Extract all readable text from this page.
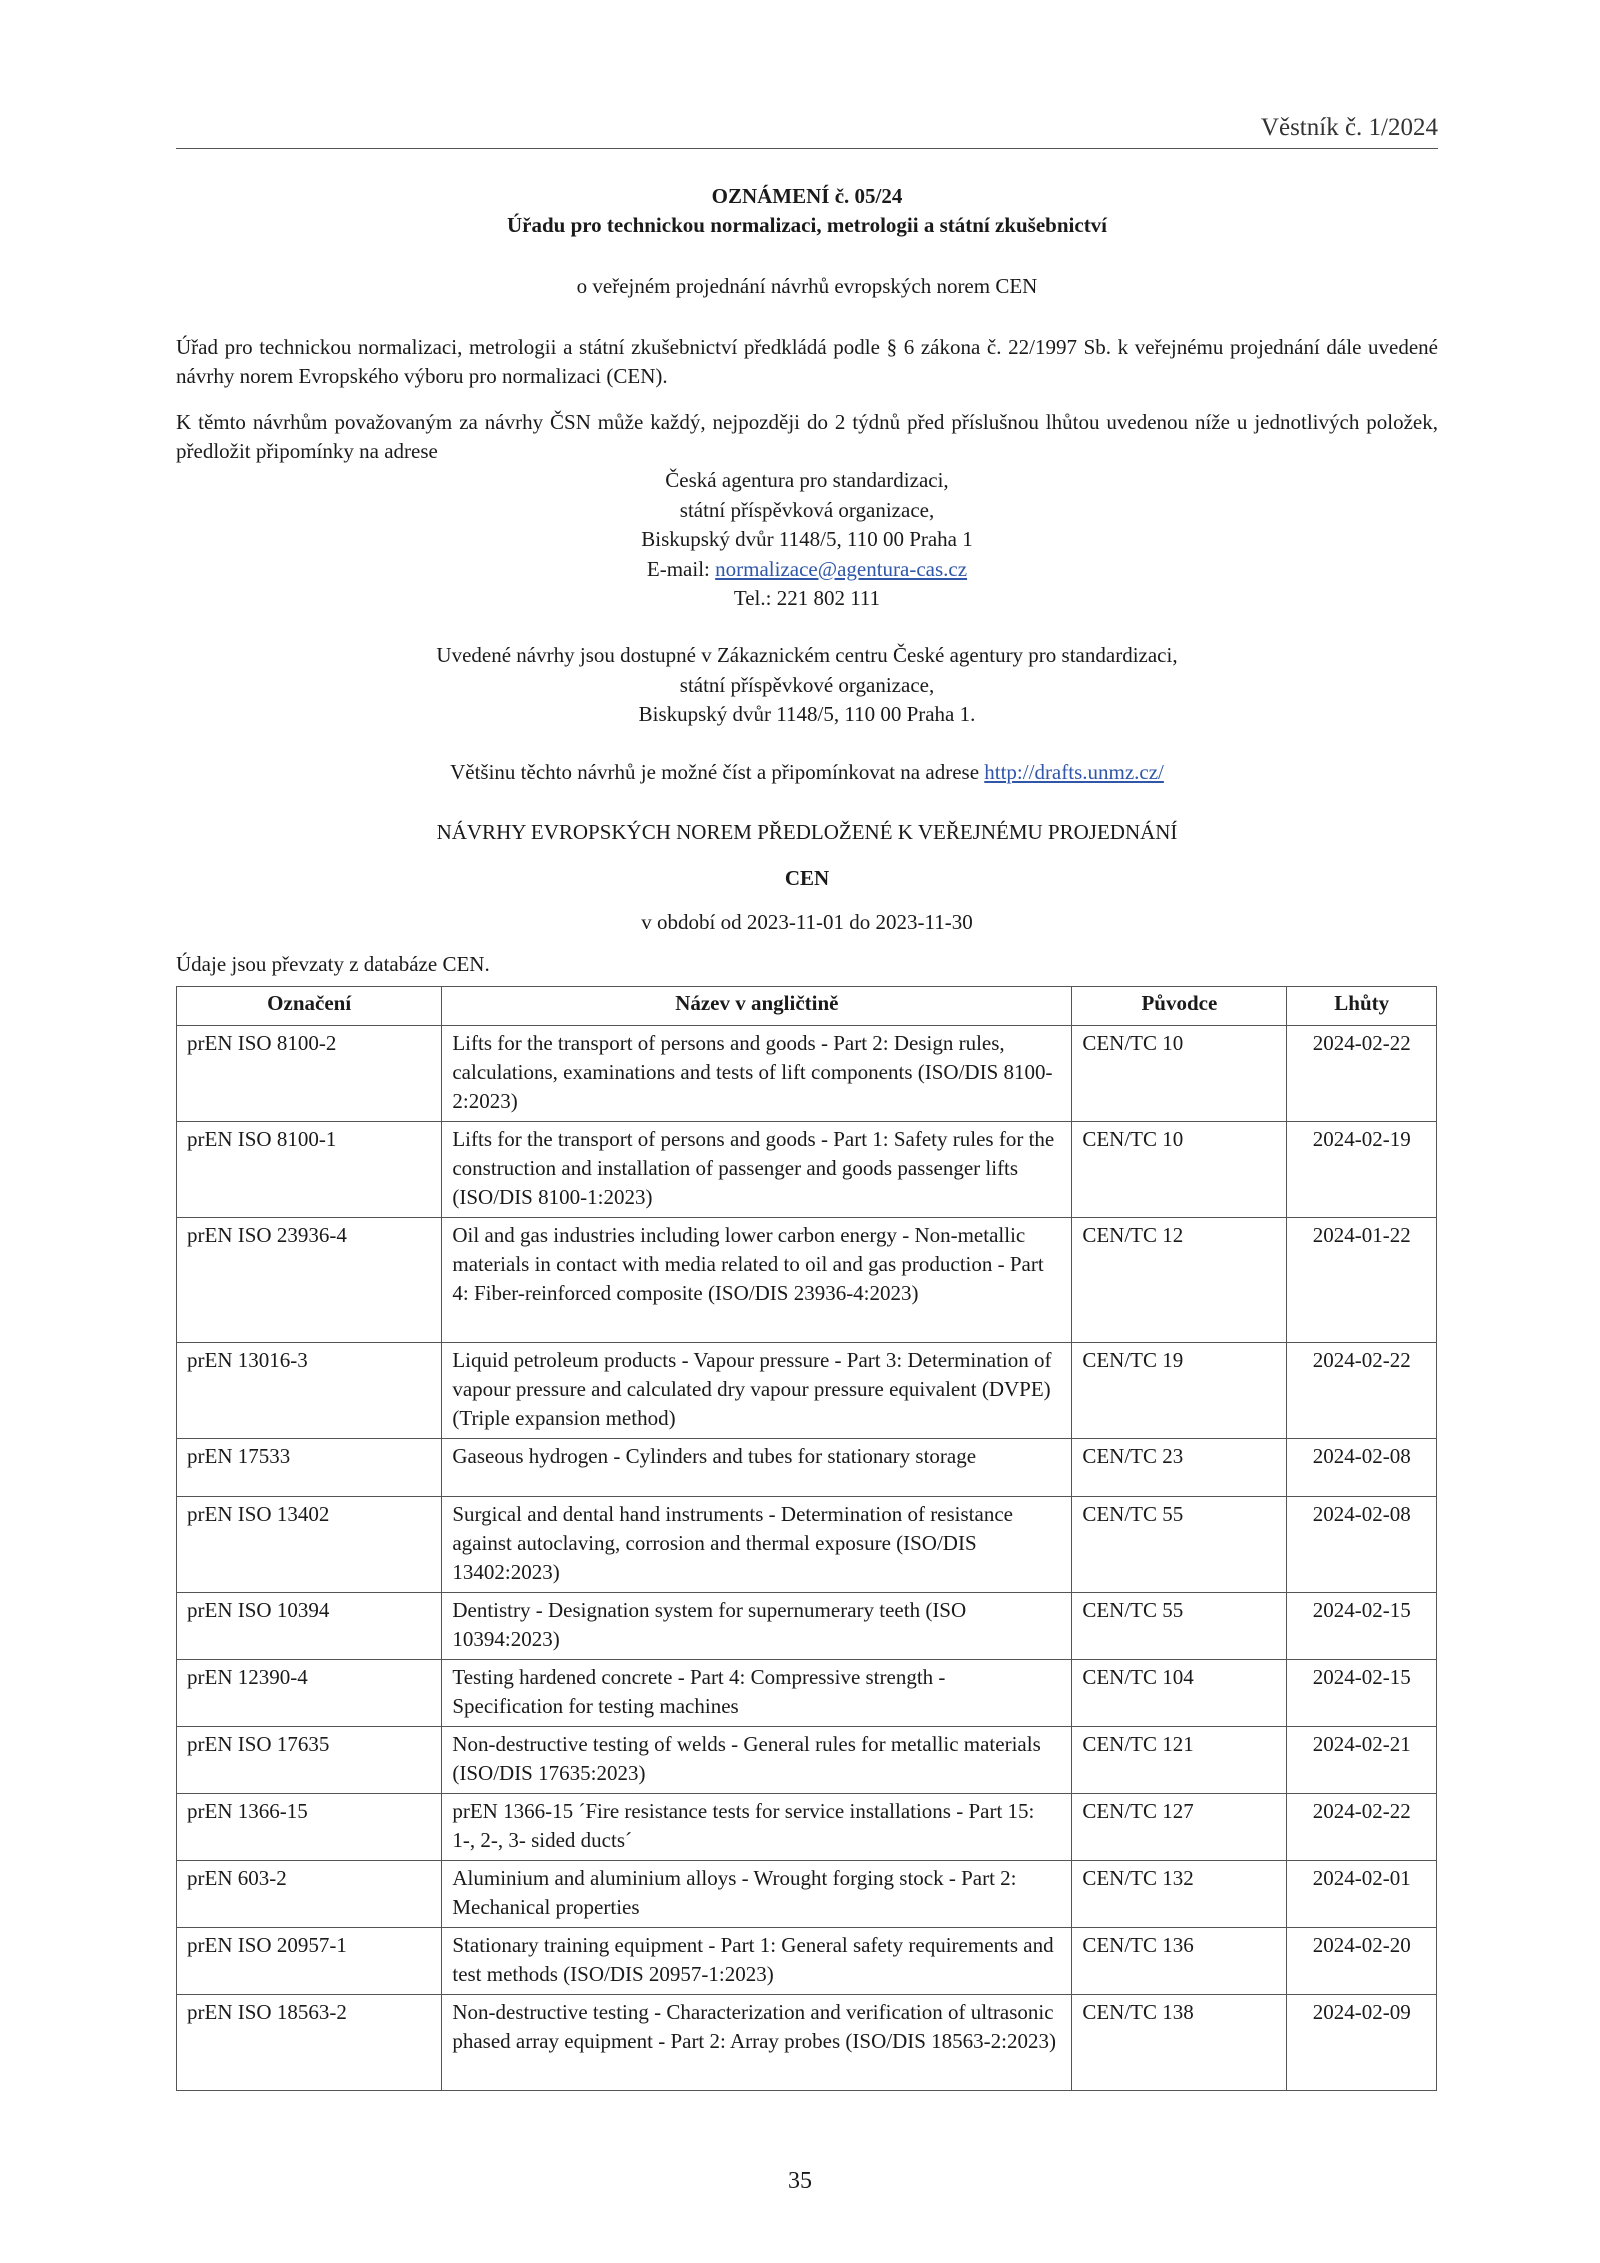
Věstník č. 1/2024
OZNÁMENÍ č. 05/24
Úřadu pro technickou normalizaci, metrologii a státní zkušebnictví
o veřejném projednání návrhů evropských norem CEN
Úřad pro technickou normalizaci, metrologii a státní zkušebnictví předkládá podle § 6 zákona č. 22/1997 Sb. k veřejnému projednání dále uvedené návrhy norem Evropského výboru pro normalizaci (CEN).
K těmto návrhům považovaným za návrhy ČSN může každý, nejpozději do 2 týdnů před příslušnou lhůtou uvedenou níže u jednotlivých položek, předložit připomínky na adrese
Česká agentura pro standardizaci,
státní příspěvková organizace,
Biskupský dvůr 1148/5, 110 00 Praha 1
E-mail: normalizace@agentura-cas.cz
Tel.: 221 802 111
Uvedené návrhy jsou dostupné v Zákaznickém centru České agentury pro standardizaci,
státní příspěvkové organizace,
Biskupský dvůr 1148/5, 110 00 Praha 1.
Většinu těchto návrhů je možné číst a připomínkovat na adrese http://drafts.unmz.cz/
NÁVRHY EVROPSKÝCH NOREM PŘEDLOŽENÉ K VEŘEJNÉMU PROJEDNÁNÍ
CEN
v období od 2023-11-01 do 2023-11-30
Údaje jsou převzaty z databáze CEN.
Označení	Název v angličtině	Původce	Lhůty
prEN ISO 8100-2	Lifts for the transport of persons and goods - Part 2: Design rules, calculations, examinations and tests of lift components (ISO/DIS 8100-2:2023)	CEN/TC 10	2024-02-22
prEN ISO 8100-1	Lifts for the transport of persons and goods - Part 1: Safety rules for the construction and installation of passenger and goods passenger lifts (ISO/DIS 8100-1:2023)	CEN/TC 10	2024-02-19
prEN ISO 23936-4	Oil and gas industries including lower carbon energy - Non-metallic materials in contact with media related to oil and gas production - Part 4: Fiber-reinforced composite (ISO/DIS 23936-4:2023)	CEN/TC 12	2024-01-22
prEN 13016-3	Liquid petroleum products - Vapour pressure - Part 3: Determination of vapour pressure and calculated dry vapour pressure equivalent (DVPE) (Triple expansion method)	CEN/TC 19	2024-02-22
prEN 17533	Gaseous hydrogen - Cylinders and tubes for stationary storage	CEN/TC 23	2024-02-08
prEN ISO 13402	Surgical and dental hand instruments - Determination of resistance against autoclaving, corrosion and thermal exposure (ISO/DIS 13402:2023)	CEN/TC 55	2024-02-08
prEN ISO 10394	Dentistry - Designation system for supernumerary teeth (ISO 10394:2023)	CEN/TC 55	2024-02-15
prEN 12390-4	Testing hardened concrete - Part 4: Compressive strength - Specification for testing machines	CEN/TC 104	2024-02-15
prEN ISO 17635	Non-destructive testing of welds - General rules for metallic materials (ISO/DIS 17635:2023)	CEN/TC 121	2024-02-21
prEN 1366-15	prEN 1366-15 ´Fire resistance tests for service installations - Part 15: 1-, 2-, 3- sided ducts´	CEN/TC 127	2024-02-22
prEN 603-2	Aluminium and aluminium alloys - Wrought forging stock - Part 2: Mechanical properties	CEN/TC 132	2024-02-01
prEN ISO 20957-1	Stationary training equipment - Part 1: General safety requirements and test methods (ISO/DIS 20957-1:2023)	CEN/TC 136	2024-02-20
prEN ISO 18563-2	Non-destructive testing - Characterization and verification of ultrasonic phased array equipment - Part 2: Array probes (ISO/DIS 18563-2:2023)	CEN/TC 138	2024-02-09
35
